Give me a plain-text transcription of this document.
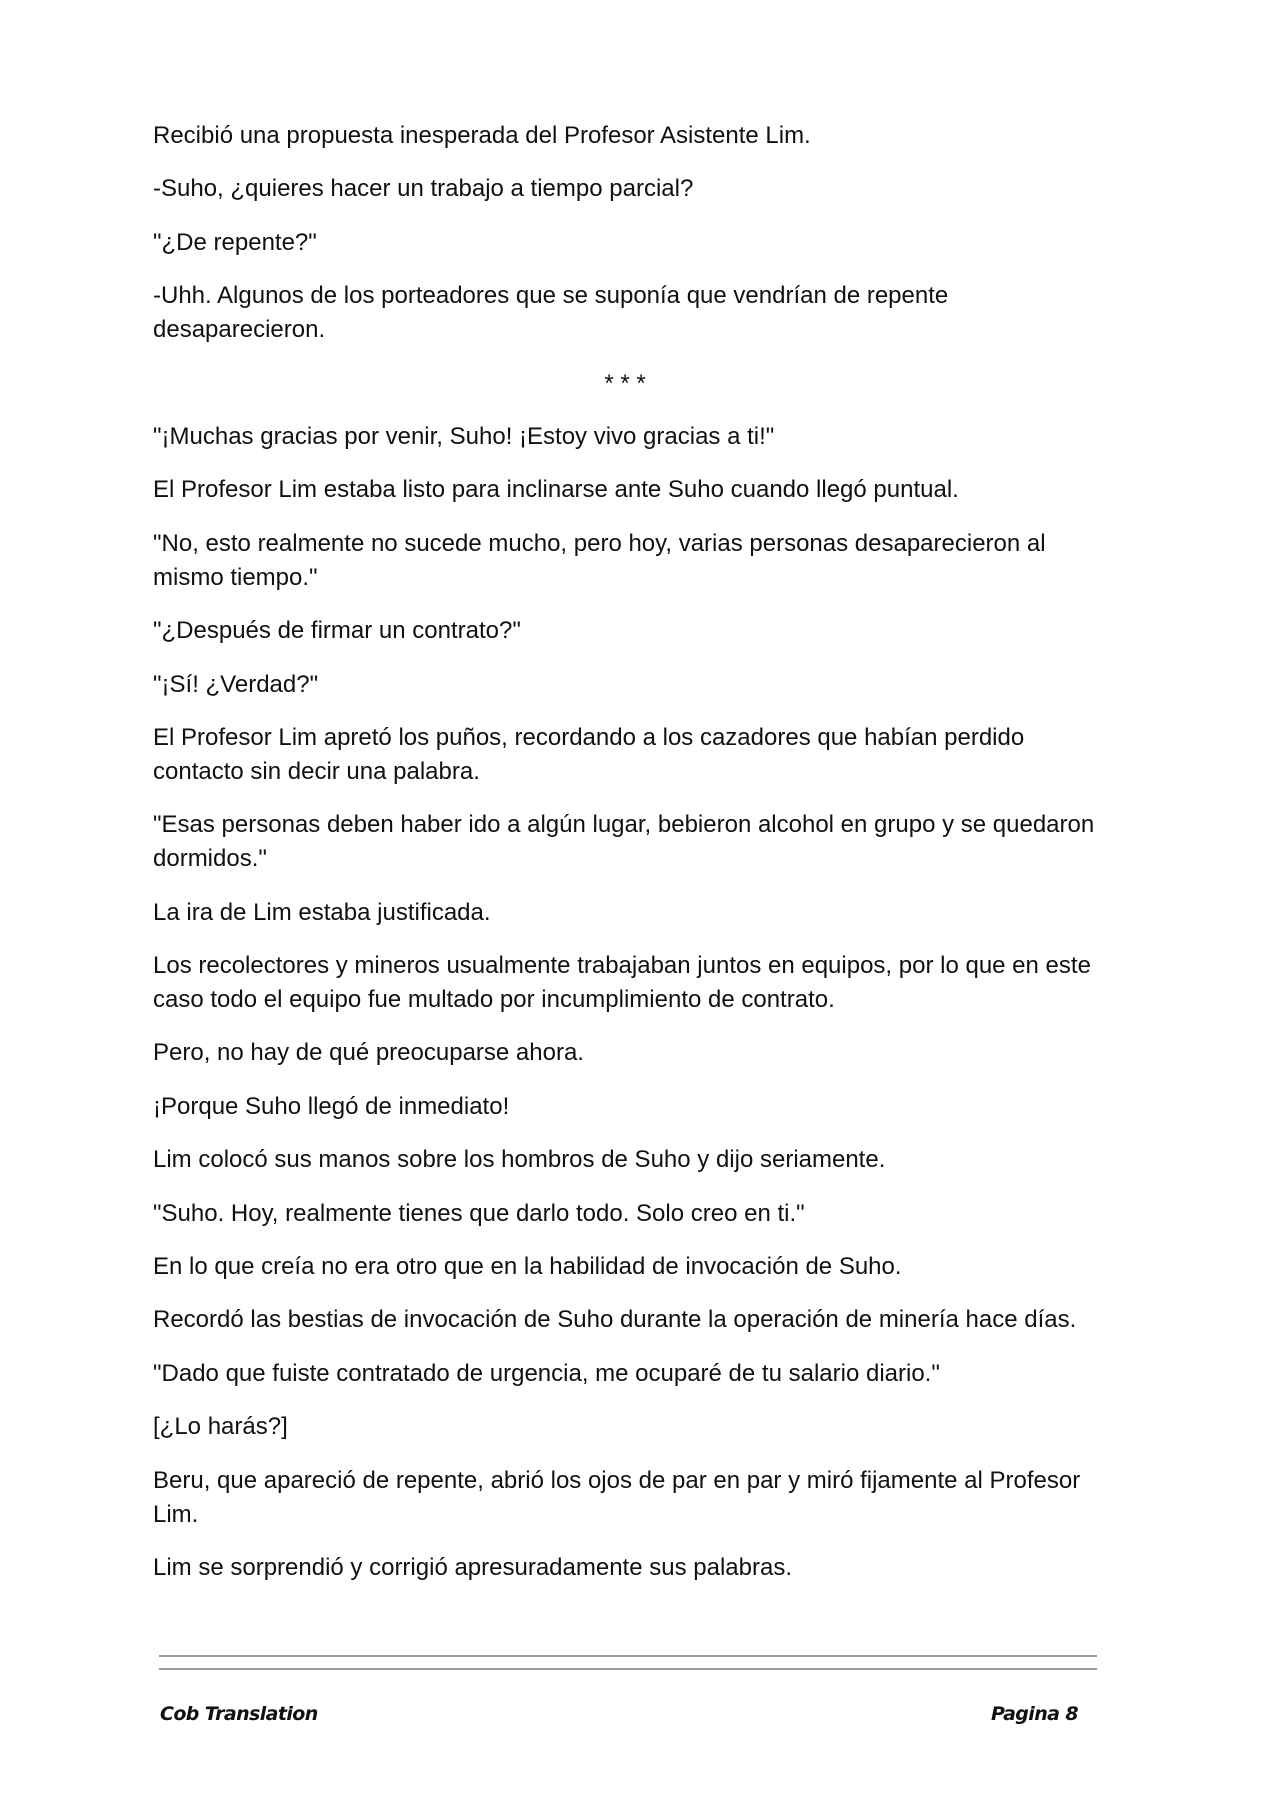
Recibió una propuesta inesperada del Profesor Asistente Lim.

-Suho, ¿quieres hacer un trabajo a tiempo parcial?

"¿De repente?"

-Uhh. Algunos de los porteadores que se suponía que vendrían de repente desaparecieron.

* * *

"¡Muchas gracias por venir, Suho! ¡Estoy vivo gracias a ti!"

El Profesor Lim estaba listo para inclinarse ante Suho cuando llegó puntual.

"No, esto realmente no sucede mucho, pero hoy, varias personas desaparecieron al mismo tiempo."

"¿Después de firmar un contrato?"

"¡Sí! ¿Verdad?"

El Profesor Lim apretó los puños, recordando a los cazadores que habían perdido contacto sin decir una palabra.

"Esas personas deben haber ido a algún lugar, bebieron alcohol en grupo y se quedaron dormidos."

La ira de Lim estaba justificada.

Los recolectores y mineros usualmente trabajaban juntos en equipos, por lo que en este caso todo el equipo fue multado por incumplimiento de contrato.

Pero, no hay de qué preocuparse ahora.

¡Porque Suho llegó de inmediato!

Lim colocó sus manos sobre los hombros de Suho y dijo seriamente.

"Suho. Hoy, realmente tienes que darlo todo. Solo creo en ti."

En lo que creía no era otro que en la habilidad de invocación de Suho.

Recordó las bestias de invocación de Suho durante la operación de minería hace días.

"Dado que fuiste contratado de urgencia, me ocuparé de tu salario diario."

[¿Lo harás?]

Beru, que apareció de repente, abrió los ojos de par en par y miró fijamente al Profesor Lim.

Lim se sorprendió y corrigió apresuradamente sus palabras.

Cob Translation	Pagina 8
